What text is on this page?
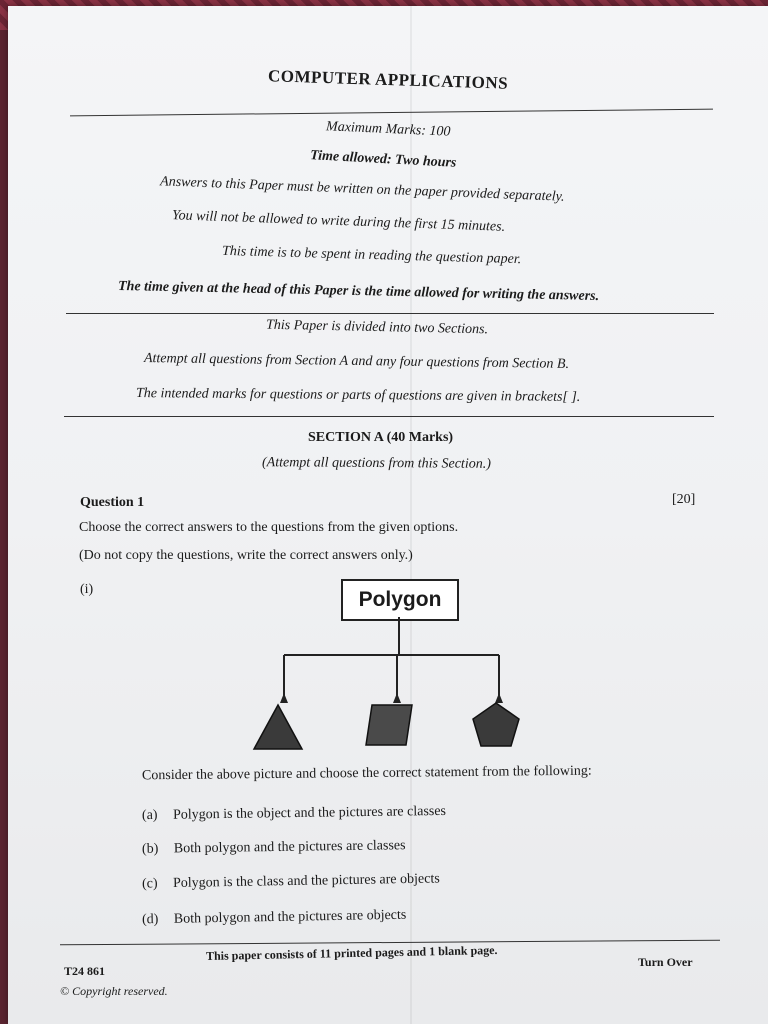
COMPUTER APPLICATIONS
Maximum Marks: 100
Time allowed: Two hours
Answers to this Paper must be written on the paper provided separately.
You will not be allowed to write during the first 15 minutes.
This time is to be spent in reading the question paper.
The time given at the head of this Paper is the time allowed for writing the answers.
This Paper is divided into two Sections.
Attempt all questions from Section A and any four questions from Section B.
The intended marks for questions or parts of questions are given in brackets[ ].
SECTION A (40 Marks)
(Attempt all questions from this Section.)
Question 1	[20]
Choose the correct answers to the questions from the given options.
(Do not copy the questions, write the correct answers only.)
(i)	Polygon
Consider the above picture and choose the correct statement from the following:
(a) Polygon is the object and the pictures are classes
(b) Both polygon and the pictures are classes
(c) Polygon is the class and the pictures are objects
(d) Both polygon and the pictures are objects
This paper consists of 11 printed pages and 1 blank page.	Turn Over
T24 861
© Copyright reserved.
